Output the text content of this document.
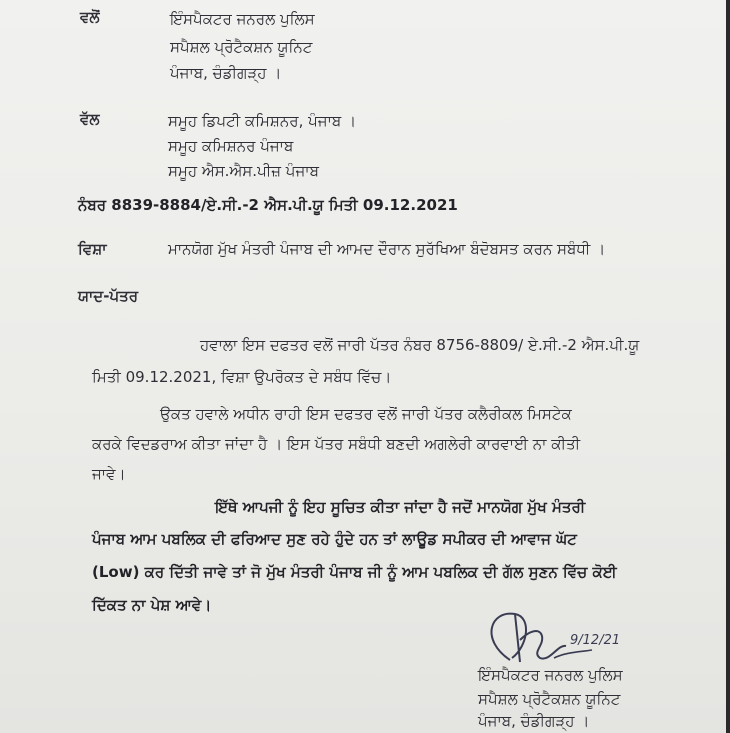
ਵਲੋਂ	ਇੰਸਪੈਕਟਰ ਜਨਰਲ ਪੁਲਿਸ
ਸਪੈਸ਼ਲ ਪ੍ਰੋਟੈਕਸ਼ਨ ਯੂਨਿਟ
ਪੰਜਾਬ, ਚੰਡੀਗੜ੍ਹ ।
ਵੱਲ	ਸਮੂਹ ਡਿਪਟੀ ਕਮਿਸ਼ਨਰ, ਪੰਜਾਬ ।
ਸਮੂਹ ਕਮਿਸ਼ਨਰ ਪੰਜਾਬ
ਸਮੂਹ ਐਸ.ਐਸ.ਪੀਜ਼ ਪੰਜਾਬ
ਨੰਬਰ 8839-8884/ਏ.ਸੀ.-2 ਐਸ.ਪੀ.ਯੂ ਮਿਤੀ 09.12.2021
ਵਿਸ਼ਾ	ਮਾਨਯੋਗ ਮੁੱਖ ਮੰਤਰੀ ਪੰਜਾਬ ਦੀ ਆਮਦ ਦੌਰਾਨ ਸੁਰੱਖਿਆ ਬੰਦੋਬਸਤ ਕਰਨ ਸਬੰਧੀ ।
ਯਾਦ-ਪੱਤਰ
ਹਵਾਲਾ ਇਸ ਦਫਤਰ ਵਲੋਂ ਜਾਰੀ ਪੱਤਰ ਨੰਬਰ 8756-8809/ ਏ.ਸੀ.-2 ਐਸ.ਪੀ.ਯੂ
ਮਿਤੀ 09.12.2021, ਵਿਸ਼ਾ ਉਪਰੋਕਤ ਦੇ ਸਬੰਧ ਵਿੱਚ।
ਉਕਤ ਹਵਾਲੇ ਅਧੀਨ ਰਾਹੀ ਇਸ ਦਫਤਰ ਵਲੋਂ ਜਾਰੀ ਪੱਤਰ ਕਲੈਰੀਕਲ ਮਿਸਟੇਕ
ਕਰਕੇ ਵਿਦਡਰਾਅ ਕੀਤਾ ਜਾਂਦਾ ਹੈ । ਇਸ ਪੱਤਰ ਸਬੰਧੀ ਬਣਦੀ ਅਗਲੇਰੀ ਕਾਰਵਾਈ ਨਾ ਕੀਤੀ
ਜਾਵੇ।
ਇੱਥੇ ਆਪਜੀ ਨੂੰ ਇਹ ਸੂਚਿਤ ਕੀਤਾ ਜਾਂਦਾ ਹੈ ਜਦੋਂ ਮਾਨਯੋਗ ਮੁੱਖ ਮੰਤਰੀ
ਪੰਜਾਬ ਆਮ ਪਬਲਿਕ ਦੀ ਫਰਿਆਦ ਸੁਣ ਰਹੇ ਹੁੰਦੇ ਹਨ ਤਾਂ ਲਾਊਡ ਸਪੀਕਰ ਦੀ ਆਵਾਜ ਘੱਟ
(Low) ਕਰ ਦਿੱਤੀ ਜਾਵੇ ਤਾਂ ਜੋ ਮੁੱਖ ਮੰਤਰੀ ਪੰਜਾਬ ਜੀ ਨੂੰ ਆਮ ਪਬਲਿਕ ਦੀ ਗੱਲ ਸੁਣਨ ਵਿੱਚ ਕੋਈ
ਦਿੱਕਤ ਨਾ ਪੇਸ਼ ਆਵੇ।
9/12/21
ਇੰਸਪੈਕਟਰ ਜਨਰਲ ਪੁਲਿਸ
ਸਪੈਸ਼ਲ ਪ੍ਰੋਟੈਕਸ਼ਨ ਯੂਨਿਟ
ਪੰਜਾਬ, ਚੰਡੀਗੜ੍ਹ ।
